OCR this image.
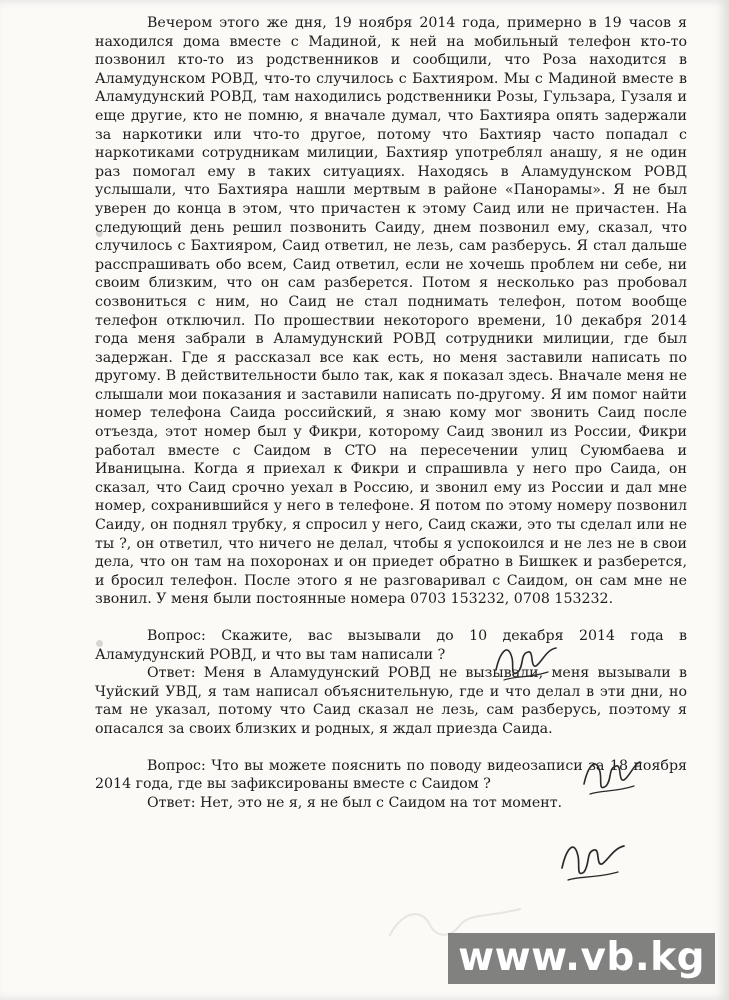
Вечером этого же дня, 19 ноября 2014 года, примерно в 19 часов я находился дома вместе с Мадиной, к ней на мобильный телефон кто-то позвонил кто-то из родственников и сообщили, что Роза находится в Аламудунском РОВД, что-то случилось с Бахтияром. Мы с Мадиной вместе в Аламудунский РОВД, там находились родственники Розы, Гульзара, Гузаля и еще другие, кто не помню, я вначале думал, что Бахтияра опять задержали за наркотики или что-то другое, потому что Бахтияр часто попадал с наркотиками сотрудникам милиции, Бахтияр употреблял анашу, я не один раз помогал ему в таких ситуациях. Находясь в Аламудунском РОВД услышали, что Бахтияра нашли мертвым в районе «Панорамы». Я не был уверен до конца в этом, что причастен к этому Саид или не причастен. На следующий день решил позвонить Саиду, днем позвонил ему, сказал, что случилось с Бахтияром, Саид ответил, не лезь, сам разберусь. Я стал дальше расспрашивать обо всем, Саид ответил, если не хочешь проблем ни себе, ни своим близким, что он сам разберется. Потом я несколько раз пробовал созвониться с ним, но Саид не стал поднимать телефон, потом вообще телефон отключил. По прошествии некоторого времени, 10 декабря 2014 года меня забрали в Аламудунский РОВД сотрудники милиции, где был задержан. Где я рассказал все как есть, но меня заставили написать по другому. В действительности было так, как я показал здесь. Вначале меня не слышали мои показания и заставили написать по-другому. Я им помог найти номер телефона Саида российский, я знаю кому мог звонить Саид после отъезда, этот номер был у Фикри, которому Саид звонил из России, Фикри работал вместе с Саидом в СТО на пересечении улиц Суюмбаева и Иваницына. Когда я приехал к Фикри и спрашивла у него про Саида, он сказал, что Саид срочно уехал в Россию, и звонил ему из России и дал мне номер, сохранившийся у него в телефоне. Я потом по этому номеру позвонил Саиду, он поднял трубку, я спросил у него, Саид скажи, это ты сделал или не ты ?, он ответил, что ничего не делал, чтобы я успокоился и не лез не в свои дела, что он там на похоронах и он приедет обратно в Бишкек и разберется, и бросил телефон. После этого я не разговаривал с Саидом, он сам мне не звонил. У меня были постоянные номера 0703 153232, 0708 153232.

Вопрос: Скажите, вас вызывали до 10 декабря 2014 года в Аламудунский РОВД, и что вы там написали ?

Ответ: Меня в Аламудунский РОВД не вызывали, меня вызывали в Чуйский УВД, я там написал объяснительную, где и что делал в эти дни, но там не указал, потому что Саид сказал не лезь, сам разберусь, поэтому я опасался за своих близких и родных, я ждал приезда Саида.

Вопрос: Что вы можете пояснить по поводу видеозаписи за 18 ноября 2014 года, где вы зафиксированы вместе с Саидом ?

Ответ: Нет, это не я, я не был с Саидом на тот момент.

www.vb.kg
